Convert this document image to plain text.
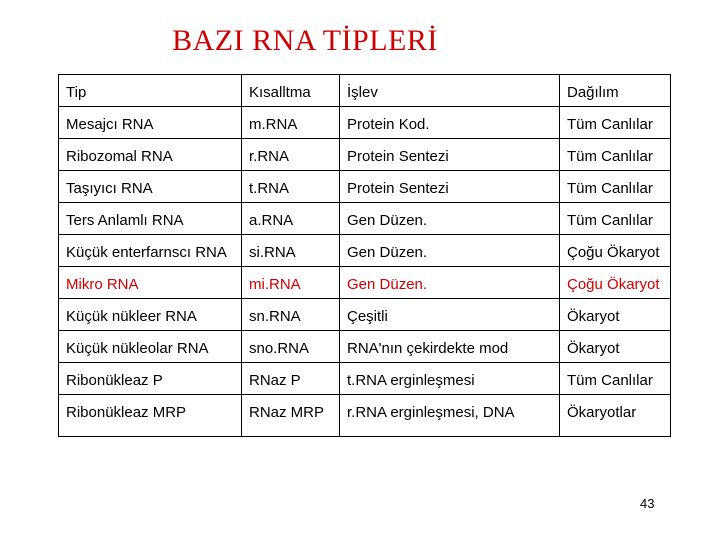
BAZI RNA TİPLERİ
Tip	Kısalltma	İşlev	Dağılım
Mesajcı RNA	m.RNA	Protein Kod.	Tüm Canlılar
Ribozomal RNA	r.RNA	Protein Sentezi	Tüm Canlılar
Taşıyıcı RNA	t.RNA	Protein Sentezi	Tüm Canlılar
Ters Anlamlı RNA	a.RNA	Gen Düzen.	Tüm Canlılar
Küçük enterfarnscı RNA	si.RNA	Gen Düzen.	Çoğu Ökaryot
Mikro RNA	mi.RNA	Gen Düzen.	Çoğu Ökaryot
Küçük nükleer RNA	sn.RNA	Çeşitli	Ökaryot
Küçük nükleolar RNA	sno.RNA	RNA'nın çekirdekte mod	Ökaryot
Ribonükleaz P	RNaz P	t.RNA erginleşmesi	Tüm Canlılar
Ribonükleaz MRP	RNaz MRP	r.RNA erginleşmesi, DNA	Ökaryotlar
43
